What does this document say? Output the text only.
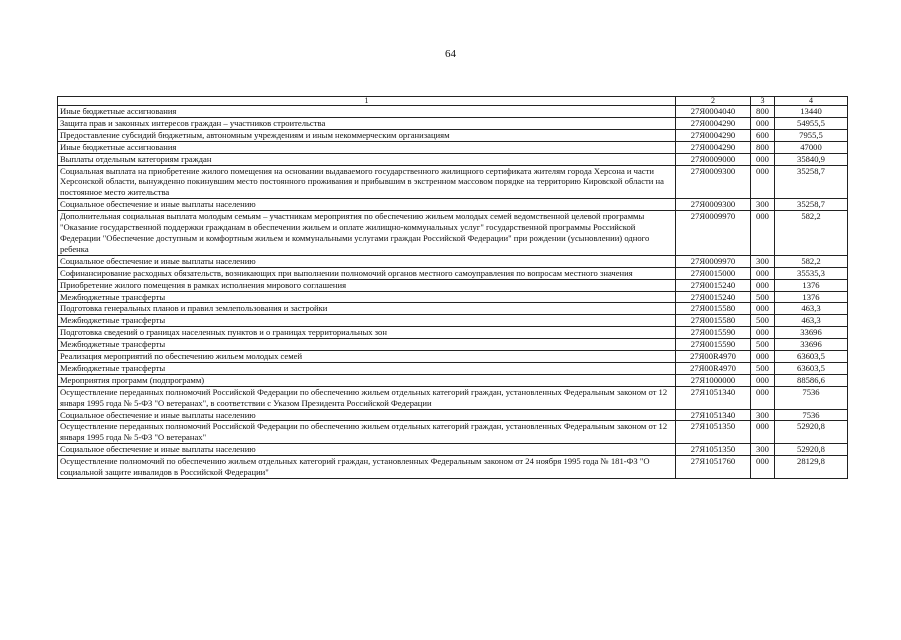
64
1	2	3	4
Иные бюджетные ассигнования	27Я0004040	800	13440
Защита прав и законных интересов граждан – участников строительства	27Я0004290	000	54955,5
Предоставление субсидий бюджетным, автономным учреждениям и иным некоммерческим организациям	27Я0004290	600	7955,5
Иные бюджетные ассигнования	27Я0004290	800	47000
Выплаты отдельным категориям граждан	27Я0009000	000	35840,9
Социальная выплата на приобретение жилого помещения на основании выдаваемого государственного жилищного сертификата жителям города Херсона и части Херсонской области, вынужденно покинувшим место постоянного проживания и прибывшим в экстренном массовом порядке на территорию Кировской области на постоянное место жительства	27Я0009300	000	35258,7
Социальное обеспечение и иные выплаты населению	27Я0009300	300	35258,7
Дополнительная социальная выплата молодым семьям – участникам мероприятия по обеспечению жильем молодых семей ведомственной целевой программы "Оказание государственной поддержки гражданам в обеспечении жильем и оплате жилищно-коммунальных услуг" государственной программы Российской Федерации "Обеспечение доступным и комфортным жильем и коммунальными услугами граждан Российской Федерации" при рождении (усыновлении) одного ребенка	27Я0009970	000	582,2
Социальное обеспечение и иные выплаты населению	27Я0009970	300	582,2
Софинансирование расходных обязательств, возникающих при выполнении полномочий органов местного самоуправления по вопросам местного значения	27Я0015000	000	35535,3
Приобретение жилого помещения в рамках исполнения мирового соглашения	27Я0015240	000	1376
Межбюджетные трансферты	27Я0015240	500	1376
Подготовка генеральных планов и правил землепользования и застройки	27Я0015580	000	463,3
Межбюджетные трансферты	27Я0015580	500	463,3
Подготовка сведений о границах населенных пунктов и о границах территориальных зон	27Я0015590	000	33696
Межбюджетные трансферты	27Я0015590	500	33696
Реализация мероприятий по обеспечению жильем молодых семей	27Я00R4970	000	63603,5
Межбюджетные трансферты	27Я00R4970	500	63603,5
Мероприятия программ (подпрограмм)	27Я1000000	000	88586,6
Осуществление переданных полномочий Российской Федерации по обеспечению жильем отдельных категорий граждан, установленных Федеральным законом от 12 января 1995 года № 5-ФЗ "О ветеранах", в соответствии с Указом Президента Российской Федерации	27Я1051340	000	7536
Социальное обеспечение и иные выплаты населению	27Я1051340	300	7536
Осуществление переданных полномочий Российской Федерации по обеспечению жильем отдельных категорий граждан, установленных Федеральным законом от 12 января 1995 года № 5-ФЗ "О ветеранах"	27Я1051350	000	52920,8
Социальное обеспечение и иные выплаты населению	27Я1051350	300	52920,8
Осуществление полномочий по обеспечению жильем отдельных категорий граждан, установленных Федеральным законом от 24 ноября 1995 года № 181-ФЗ "О социальной защите инвалидов в Российской Федерации"	27Я1051760	000	28129,8
